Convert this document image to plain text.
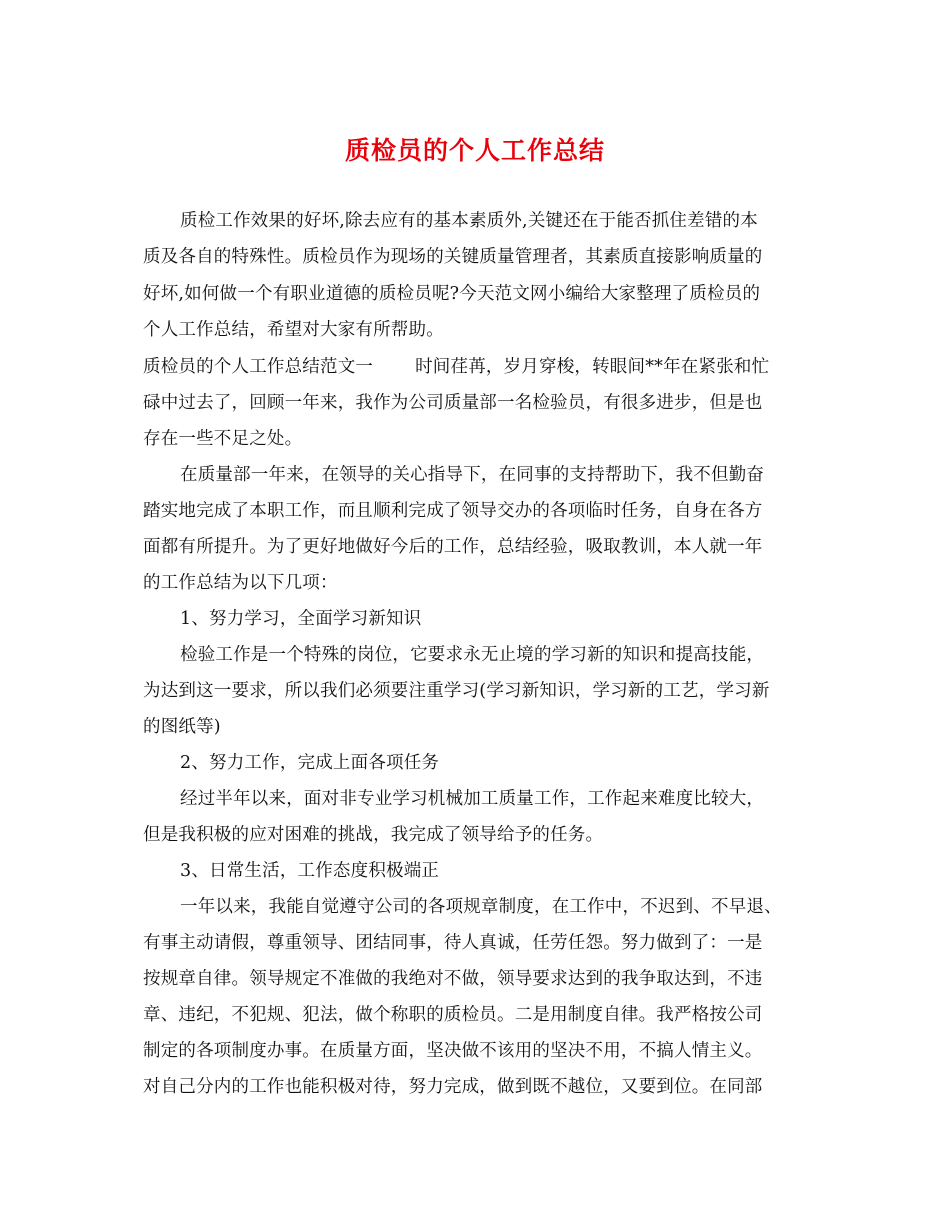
质检员的个人工作总结
质检工作效果的好坏,除去应有的基本素质外,关键还在于能否抓住差错的本
质及各自的特殊性。质检员作为现场的关键质量管理者，其素质直接影响质量的
好坏,如何做一个有职业道德的质检员呢?今天范文网小编给大家整理了质检员的
个人工作总结，希望对大家有所帮助。
质检员的个人工作总结范文一 时间荏苒，岁月穿梭，转眼间**年在紧张和忙
碌中过去了，回顾一年来，我作为公司质量部一名检验员，有很多进步，但是也
存在一些不足之处。
在质量部一年来，在领导的关心指导下，在同事的支持帮助下，我不但勤奋
踏实地完成了本职工作，而且顺利完成了领导交办的各项临时任务，自身在各方
面都有所提升。为了更好地做好今后的工作，总结经验，吸取教训，本人就一年
的工作总结为以下几项：
1、努力学习，全面学习新知识
检验工作是一个特殊的岗位，它要求永无止境的学习新的知识和提高技能，
为达到这一要求，所以我们必须要注重学习(学习新知识，学习新的工艺，学习新
的图纸等)
2、努力工作，完成上面各项任务
经过半年以来，面对非专业学习机械加工质量工作，工作起来难度比较大，
但是我积极的应对困难的挑战，我完成了领导给予的任务。
3、日常生活，工作态度积极端正
一年以来，我能自觉遵守公司的各项规章制度，在工作中，不迟到、不早退、
有事主动请假，尊重领导、团结同事，待人真诚，任劳任怨。努力做到了：一是
按规章自律。领导规定不准做的我绝对不做，领导要求达到的我争取达到，不违
章、违纪，不犯规、犯法，做个称职的质检员。二是用制度自律。我严格按公司
制定的各项制度办事。在质量方面，坚决做不该用的坚决不用，不搞人情主义。
对自己分内的工作也能积极对待，努力完成，做到既不越位，又要到位。在同部
